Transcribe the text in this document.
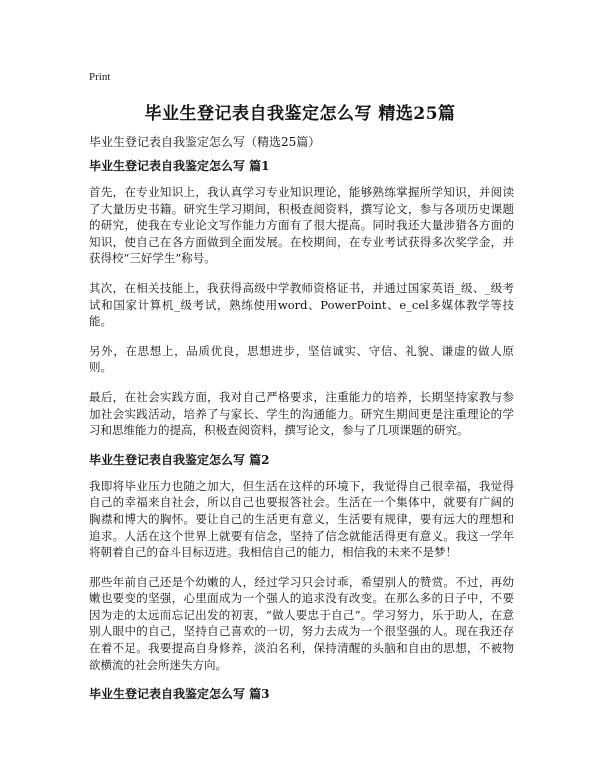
Print
毕业生登记表自我鉴定怎么写 精选25篇
毕业生登记表自我鉴定怎么写（精选25篇）
毕业生登记表自我鉴定怎么写 篇1

首先，在专业知识上，我认真学习专业知识理论，能够熟练掌握所学知识，并阅读了大量历史书籍。研究生学习期间，积极查阅资料，撰写论文，参与各项历史课题的研究，使我在专业论文写作能力方面有了很大提高。同时我还大量涉猎各方面的知识，使自己在各方面做到全面发展。在校期间，在专业考试获得多次奖学金，并获得校“三好学生”称号。

其次，在相关技能上，我获得高级中学教师资格证书，并通过国家英语_级、_级考试和国家计算机_级考试，熟练使用word、PowerPoint、e_cel多媒体教学等技能。

另外，在思想上，品质优良，思想进步，坚信诚实、守信、礼貌、谦虚的做人原则。

最后，在社会实践方面，我对自己严格要求，注重能力的培养，长期坚持家教与参加社会实践活动，培养了与家长、学生的沟通能力。研究生期间更是注重理论的学习和思维能力的提高，积极查阅资料，撰写论文，参与了几项课题的研究。

毕业生登记表自我鉴定怎么写 篇2

我即将毕业压力也随之加大，但生活在这样的环境下，我觉得自己很幸福，我觉得自己的幸福来自社会，所以自己也要报答社会。生活在一个集体中，就要有广阔的胸襟和博大的胸怀。要让自己的生活更有意义，生活要有规律，要有远大的理想和追求。人活在这个世界上就要有信念，坚持了信念就能活得更有意义。我这一学年将朝着自己的奋斗目标迈进。我相信自己的能力，相信我的未来不是梦！

那些年前自己还是个幼嫩的人，经过学习只会讨乖，希望别人的赞赏。不过，再幼嫩也要变的坚强，心里面成为一个强人的追求没有改变。在那么多的日子中，不要因为走的太远而忘记出发的初衷，“做人要忠于自己”。学习努力，乐于助人，在意别人眼中的自己，坚持自己喜欢的一切，努力去成为一个很坚强的人。现在我还存在着不足。我要提高自身修养，淡泊名利，保持清醒的头脑和自由的思想，不被物欲横流的社会所迷失方向。

毕业生登记表自我鉴定怎么写 篇3
